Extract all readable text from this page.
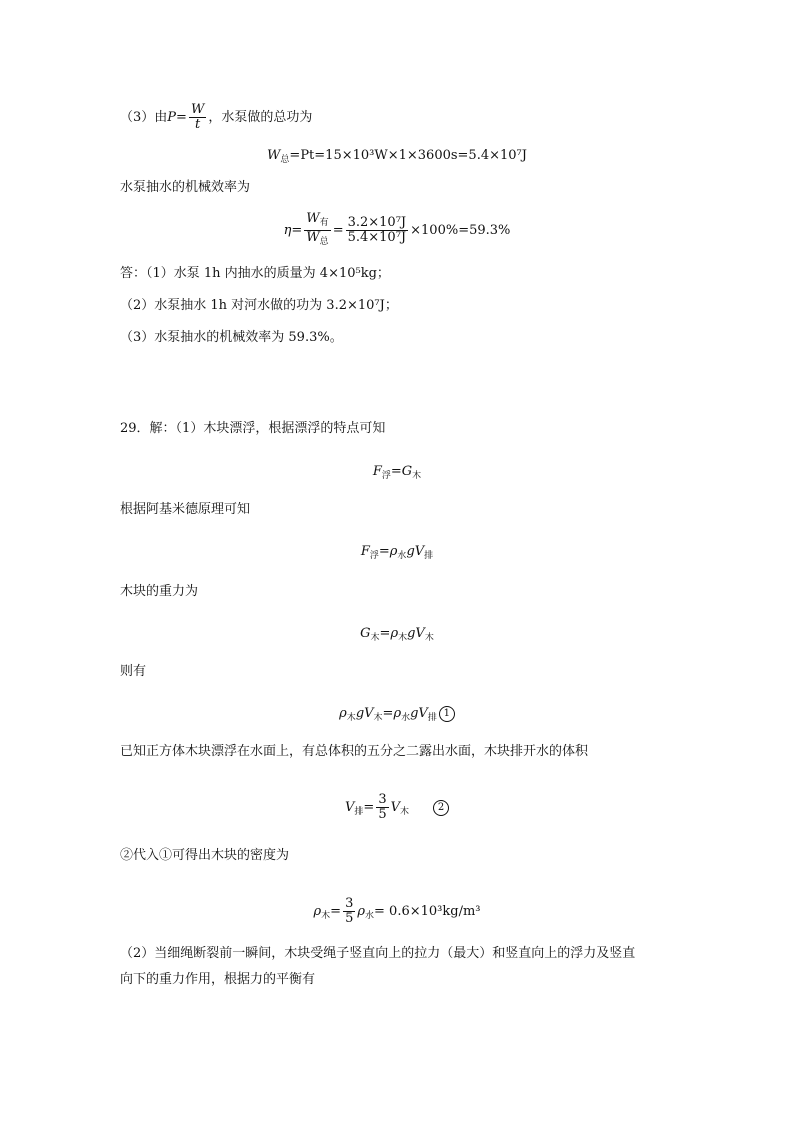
（3）由$P= \frac{W}{t}$ ，水泵做的总功为
$W_总=Pt=15\times 10^3W\times 1\times 3600s=5.4\times 10^7J$
水泵抽水的机械效率为
$\eta= \frac{W_有}{W_总} = \frac{\text{3.2×10⁷J}}{\text{5.4×10⁷J}} \times 100\%=59.3\%$
答：（1）水泵 1h 内抽水的质量为 4×10⁵kg；
（2）水泵抽水 1h 对河水做的功为 3.2×10⁷J；
（3）水泵抽水的机械效率为 59.3%。
29．解：（1）木块漂浮，根据漂浮的特点可知
$F_浮=G_木$
根据阿基米德原理可知
$F_浮=\rho_水gV_排$
木块的重力为
$G_木=\rho_木gV_木$
则有
$\rho_木gV_木=\rho_水gV_排$ 1
已知正方体木块漂浮在水面上，有总体积的五分之二露出水面，木块排开水的体积
$V_排= \frac{3}{5} V_木$	2
②代入①可得出木块的密度为
$\rho_木= \frac{3}{5} \rho_水= 0.6\times 10^3kg/m^3$
（2）当细绳断裂前一瞬间，木块受绳子竖直向上的拉力（最大）和竖直向上的浮力及竖直
向下的重力作用，根据力的平衡有
